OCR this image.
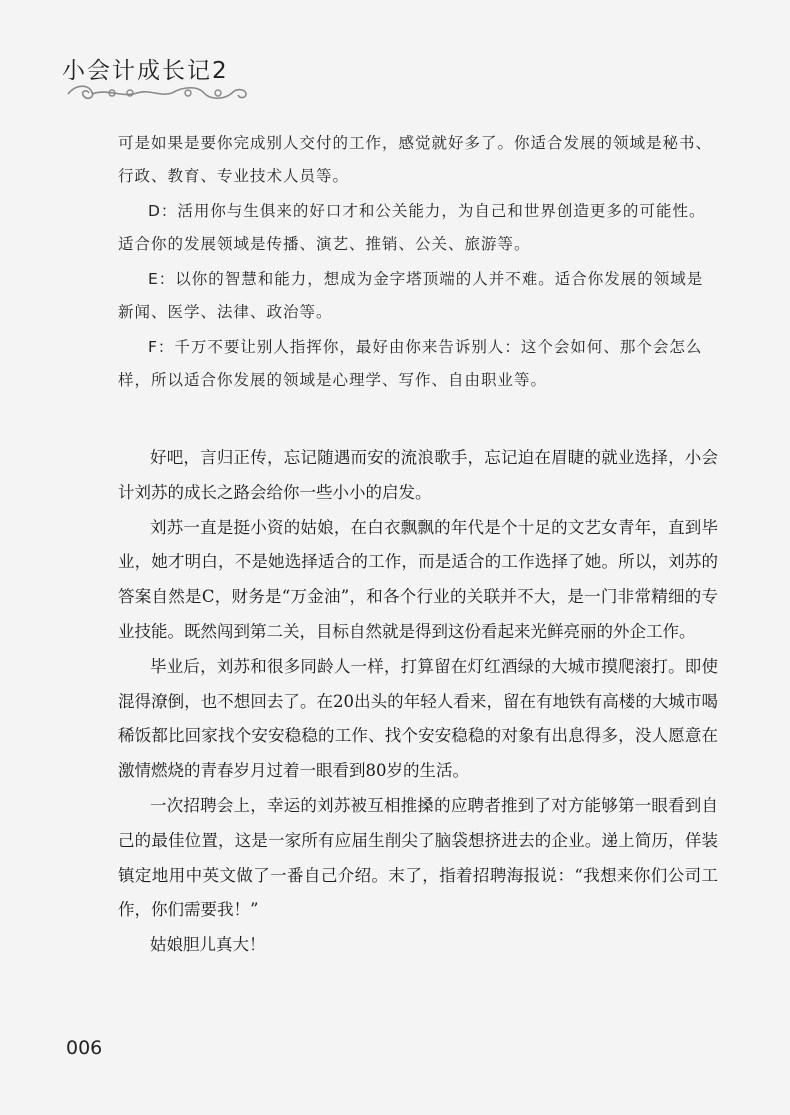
小会计成长记2

可是如果是要你完成别人交付的工作，感觉就好多了。你适合发展的领域是秘书、行政、教育、专业技术人员等。

D：活用你与生俱来的好口才和公关能力，为自己和世界创造更多的可能性。适合你的发展领域是传播、演艺、推销、公关、旅游等。

E：以你的智慧和能力，想成为金字塔顶端的人并不难。适合你发展的领域是新闻、医学、法律、政治等。

F：千万不要让别人指挥你，最好由你来告诉别人：这个会如何、那个会怎么样，所以适合你发展的领域是心理学、写作、自由职业等。

好吧，言归正传，忘记随遇而安的流浪歌手，忘记迫在眉睫的就业选择，小会计刘苏的成长之路会给你一些小小的启发。

刘苏一直是挺小资的姑娘，在白衣飘飘的年代是个十足的文艺女青年，直到毕业，她才明白，不是她选择适合的工作，而是适合的工作选择了她。所以，刘苏的答案自然是C，财务是“万金油”，和各个行业的关联并不大，是一门非常精细的专业技能。既然闯到第二关，目标自然就是得到这份看起来光鲜亮丽的外企工作。

毕业后，刘苏和很多同龄人一样，打算留在灯红酒绿的大城市摸爬滚打。即使混得潦倒，也不想回去了。在20出头的年轻人看来，留在有地铁有高楼的大城市喝稀饭都比回家找个安安稳稳的工作、找个安安稳稳的对象有出息得多，没人愿意在激情燃烧的青春岁月过着一眼看到80岁的生活。

一次招聘会上，幸运的刘苏被互相推搡的应聘者推到了对方能够第一眼看到自己的最佳位置，这是一家所有应届生削尖了脑袋想挤进去的企业。递上简历，佯装镇定地用中英文做了一番自己介绍。末了，指着招聘海报说：“我想来你们公司工作，你们需要我！”

姑娘胆儿真大！

006
